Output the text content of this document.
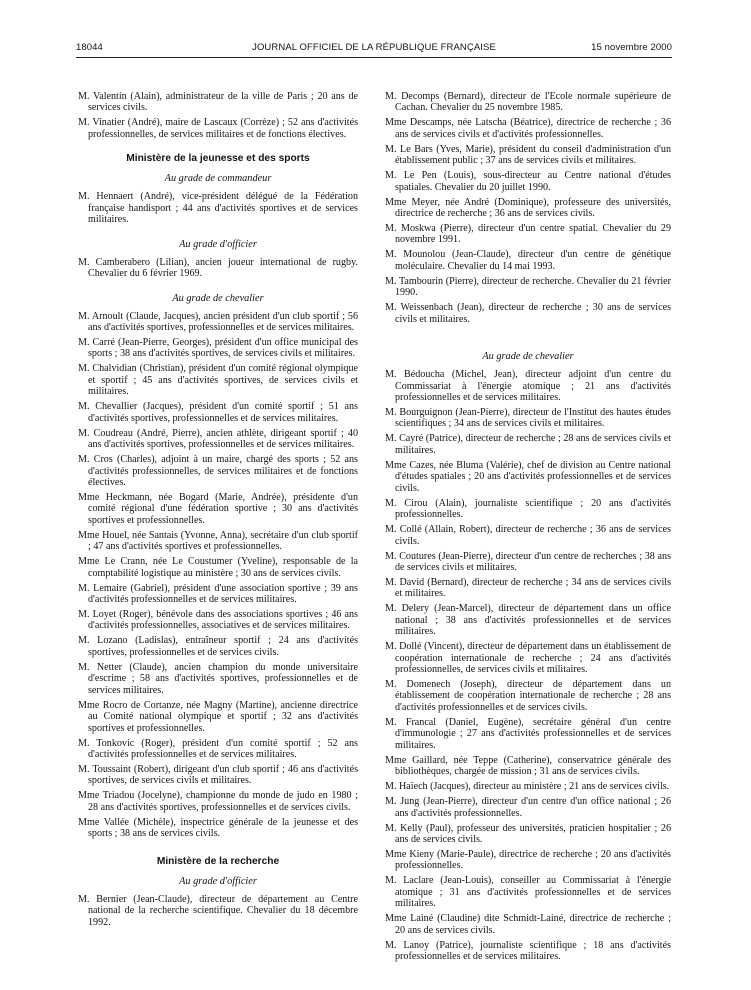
18044	JOURNAL OFFICIEL DE LA RÉPUBLIQUE FRANÇAISE	15 novembre 2000

M. Valentin (Alain), administrateur de la ville de Paris ; 20 ans de services civils.

M. Vinatier (André), maire de Lascaux (Corrèze) ; 52 ans d'activités professionnelles, de services militaires et de fonctions électives.

Ministère de la jeunesse et des sports
Au grade de commandeur

M. Hennaert (André), vice-président délégué de la Fédération française handisport ; 44 ans d'activités sportives et de services militaires.

Au grade d'officier

M. Camberabero (Lilian), ancien joueur international de rugby. Chevalier du 6 février 1969.

Au grade de chevalier

M. Arnoult (Claude, Jacques), ancien président d'un club sportif ; 56 ans d'activités sportives, professionnelles et de services militaires.

M. Carré (Jean-Pierre, Georges), président d'un office municipal des sports ; 38 ans d'activités sportives, de services civils et militaires.

M. Chalvidian (Christian), président d'un comité régional olympique et sportif ; 45 ans d'activités sportives, de services civils et militaires.

M. Chevallier (Jacques), président d'un comité sportif ; 51 ans d'activités sportives, professionnelles et de services militaires.

M. Coudreau (André, Pierre), ancien athlète, dirigeant sportif ; 40 ans d'activités sportives, professionnelles et de services militaires.

M. Cros (Charles), adjoint à un maire, chargé des sports ; 52 ans d'activités professionnelles, de services militaires et de fonctions électives.

Mme Heckmann, née Bogard (Marie, Andrée), présidente d'un comité régional d'une fédération sportive ; 30 ans d'activités sportives et professionnelles.

Mme Houel, née Santais (Yvonne, Anna), secrétaire d'un club sportif ; 47 ans d'activités sportives et professionnelles.

Mme Le Crann, née Le Coustumer (Yveline), responsable de la comptabilité logistique au ministère ; 30 ans de services civils.

M. Lemaire (Gabriel), président d'une association sportive ; 39 ans d'activités professionnelles et de services militaires.

M. Loyet (Roger), bénévole dans des associations sportives ; 46 ans d'activités professionnelles, associatives et de services militaires.

M. Lozano (Ladislas), entraîneur sportif ; 24 ans d'activités sportives, professionnelles et de services civils.

M. Netter (Claude), ancien champion du monde universitaire d'escrime ; 58 ans d'activités sportives, professionnelles et de services militaires.

Mme Rocro de Cortanze, née Magny (Martine), ancienne directrice au Comité national olympique et sportif ; 32 ans d'activités sportives et professionnelles.

M. Tonkovic (Roger), président d'un comité sportif ; 52 ans d'activités professionnelles et de services militaires.

M. Toussaint (Robert), dirigeant d'un club sportif ; 46 ans d'activités sportives, de services civils et militaires.

Mme Triadou (Jocelyne), championne du monde de judo en 1980 ; 28 ans d'activités sportives, professionnelles et de services civils.

Mme Vallée (Michèle), inspectrice générale de la jeunesse et des sports ; 38 ans de services civils.

Ministère de la recherche
Au grade d'officier

M. Bernier (Jean-Claude), directeur de département au Centre national de la recherche scientifique. Chevalier du 18 décembre 1992.

M. Decomps (Bernard), directeur de l'Ecole normale supérieure de Cachan. Chevalier du 25 novembre 1985.

Mme Descamps, née Latscha (Béatrice), directrice de recherche ; 36 ans de services civils et d'activités professionnelles.

M. Le Bars (Yves, Marie), président du conseil d'administration d'un établissement public ; 37 ans de services civils et militaires.

M. Le Pen (Louis), sous-directeur au Centre national d'études spatiales. Chevalier du 20 juillet 1990.

Mme Meyer, née André (Dominique), professeure des universités, directrice de recherche ; 36 ans de services civils.

M. Moskwa (Pierre), directeur d'un centre spatial. Chevalier du 29 novembre 1991.

M. Mounolou (Jean-Claude), directeur d'un centre de génétique moléculaire. Chevalier du 14 mai 1993.

M. Tambourin (Pierre), directeur de recherche. Chevalier du 21 février 1990.

M. Weissenbach (Jean), directeur de recherche ; 30 ans de services civils et militaires.

Au grade de chevalier

M. Bédoucha (Michel, Jean), directeur adjoint d'un centre du Commissariat à l'énergie atomique ; 21 ans d'activités professionnelles et de services militaires.

M. Bourguignon (Jean-Pierre), directeur de l'Institut des hautes études scientifiques ; 34 ans de services civils et militaires.

M. Cayré (Patrice), directeur de recherche ; 28 ans de services civils et militaires.

Mme Cazes, née Bluma (Valérie), chef de division au Centre national d'études spatiales ; 20 ans d'activités professionnelles et de services civils.

M. Cirou (Alain), journaliste scientifique ; 20 ans d'activités professionnelles.

M. Collé (Allain, Robert), directeur de recherche ; 36 ans de services civils.

M. Coutures (Jean-Pierre), directeur d'un centre de recherches ; 38 ans de services civils et militaires.

M. David (Bernard), directeur de recherche ; 34 ans de services civils et militaires.

M. Delery (Jean-Marcel), directeur de département dans un office national ; 38 ans d'activités professionnelles et de services militaires.

M. Dollé (Vincent), directeur de département dans un établissement de coopération internationale de recherche ; 24 ans d'activités professionnelles, de services civils et militaires.

M. Domenech (Joseph), directeur de département dans un établissement de coopération internationale de recherche ; 28 ans d'activités professionnelles et de services civils.

M. Francal (Daniel, Eugène), secrétaire général d'un centre d'immunologie ; 27 ans d'activités professionnelles et de services militaires.

Mme Gaillard, née Teppe (Catherine), conservatrice générale des bibliothèques, chargée de mission ; 31 ans de services civils.

M. Haïech (Jacques), directeur au ministère ; 21 ans de services civils.

M. Jung (Jean-Pierre), directeur d'un centre d'un office national ; 26 ans d'activités professionnelles.

M. Kelly (Paul), professeur des universités, praticien hospitalier ; 26 ans de services civils.

Mme Kieny (Marie-Paule), directrice de recherche ; 20 ans d'activités professionnelles.

M. Laclare (Jean-Louis), conseiller au Commissariat à l'énergie atomique ; 31 ans d'activités professionnelles et de services militaires.

Mme Lainé (Claudine) dite Schmidt-Lainé, directrice de recherche ; 20 ans de services civils.

M. Lanoy (Patrice), journaliste scientifique ; 18 ans d'activités professionnelles et de services militaires.
